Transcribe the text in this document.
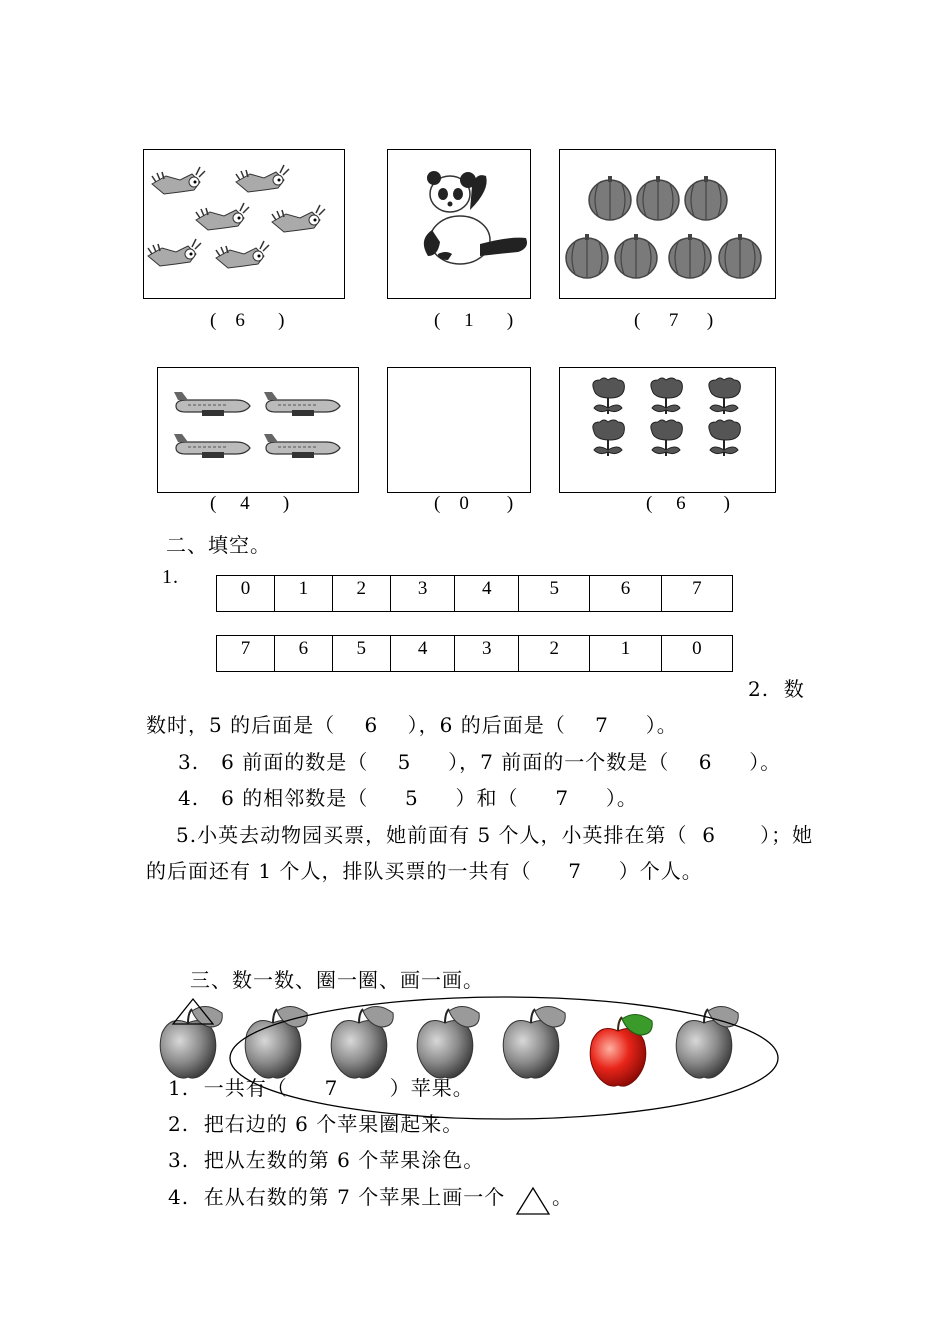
(    6       )	(     1       )	(      7      )
(     4       )	(    0        )	(     6        )
二、填空。
1.
0	1	2	3	4	5	6	7
7	6	5	4	3	2	1	0
2.  数
数时，5 的后面是（    6    ），6 的后面是（    7     ）。
3.   6 前面的数是（    5     ），7 前面的一个数是（    6     ）。
4.   6 的相邻数是（     5     ）和（     7     ）。
5.小英去动物园买票，她前面有 5 个人，小英排在第（  6      ）；她
的后面还有 1 个人，排队买票的一共有（     7     ）个人。
三、数一数、圈一圈、画一画。
1.  一共有（     7       ）苹果。
2.  把右边的 6 个苹果圈起来。
3.  把从左数的第 6 个苹果涂色。
4.  在从右数的第 7 个苹果上画一个 。
